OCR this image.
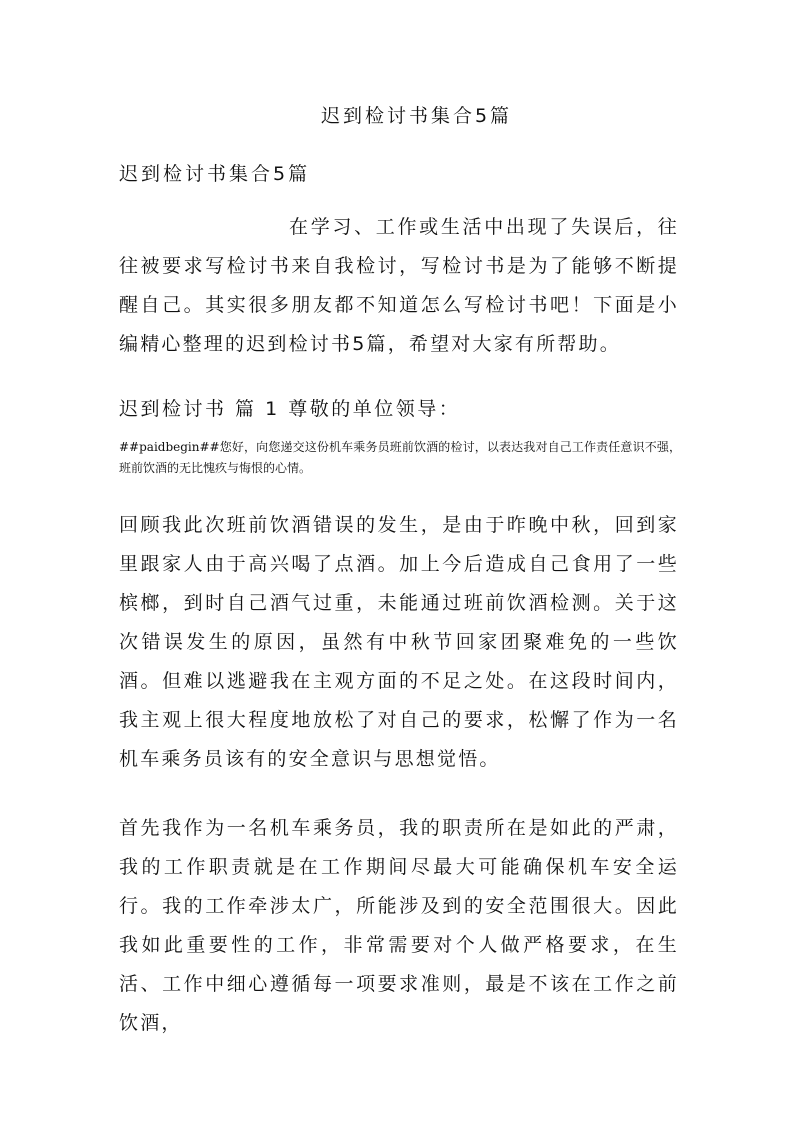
迟到检讨书集合5篇
迟到检讨书集合5篇

在学习、工作或生活中出现了失误后，往往被要求写检讨书来自我检讨，写检讨书是为了能够不断提醒自己。其实很多朋友都不知道怎么写检讨书吧！下面是小编精心整理的迟到检讨书5篇，希望对大家有所帮助。

迟到检讨书 篇 1 尊敬的单位领导：

##paidbegin##您好，向您递交这份机车乘务员班前饮酒的检讨，以表达我对自己工作责任意识不强，班前饮酒的无比愧疚与悔恨的心情。

回顾我此次班前饮酒错误的发生，是由于昨晚中秋，回到家里跟家人由于高兴喝了点酒。加上今后造成自己食用了一些槟榔，到时自己酒气过重，未能通过班前饮酒检测。关于这次错误发生的原因，虽然有中秋节回家团聚难免的一些饮酒。但难以逃避我在主观方面的不足之处。在这段时间内，我主观上很大程度地放松了对自己的要求，松懈了作为一名机车乘务员该有的安全意识与思想觉悟。

首先我作为一名机车乘务员，我的职责所在是如此的严肃，我的工作职责就是在工作期间尽最大可能确保机车安全运行。我的工作牵涉太广，所能涉及到的安全范围很大。因此我如此重要性的工作，非常需要对个人做严格要求，在生活、工作中细心遵循每一项要求准则，最是不该在工作之前饮酒，
